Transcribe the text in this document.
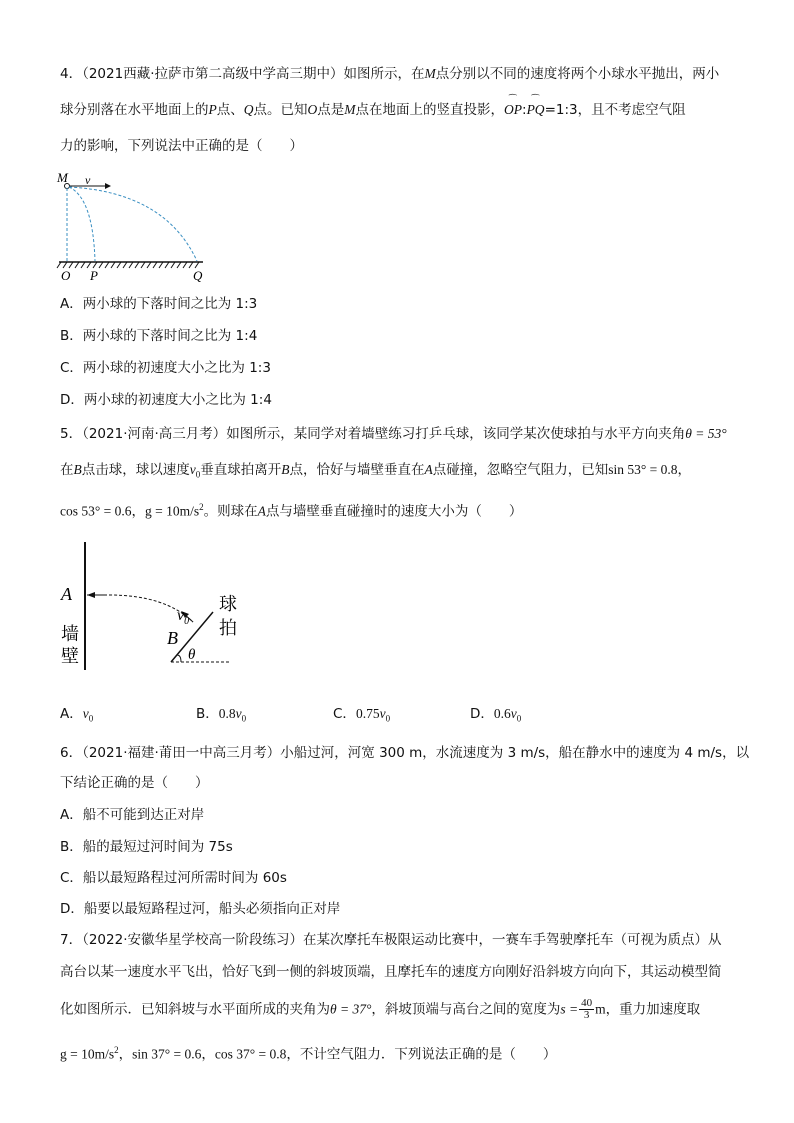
4．（2021西藏·拉萨市第二高级中学高三期中）如图所示，在M点分别以不同的速度将两个小球水平抛出，两小
球分别落在水平地面上的P点、Q点。已知O点是M点在地面上的竖直投影，‿ OP:‿ PQ=1:3，且不考虑空气阻
力的影响，下列说法中正确的是（　　）
M v
O P	Q
A．两小球的下落时间之比为 1:3
B．两小球的下落时间之比为 1:4
C．两小球的初速度大小之比为 1:3
D．两小球的初速度大小之比为 1:4
5．（2021·河南·高三月考）如图所示，某同学对着墙壁练习打乒乓球，该同学某次使球拍与水平方向夹角θ = 53°
在B点击球，球以速度$v_0$垂直球拍离开B点，恰好与墙壁垂直在A点碰撞，忽略空气阻力，已知sin 53° = 0.8，
cos 53° = 0.6，$g = 10m/s^2$。则球在A点与墙壁垂直碰撞时的速度大小为（　　）
A
$v_0$
B
θ
墙
壁
球
拍
A．$v_0$	B．$0.8v_0$	C．$0.75v_0$	D．$0.6v_0$
6．（2021·福建·莆田一中高三月考）小船过河，河宽 300 m，水流速度为 3 m/s，船在静水中的速度为 4 m/s，以
下结论正确的是（　　）
A．船不可能到达正对岸
B．船的最短过河时间为 75s
C．船以最短路程过河所需时间为 60s
D．船要以最短路程过河，船头必须指向正对岸
7．（2022·安徽华星学校高一阶段练习）在某次摩托车极限运动比赛中，一赛车手驾驶摩托车（可视为质点）从
高台以某一速度水平飞出，恰好飞到一侧的斜坡顶端，且摩托车的速度方向刚好沿斜坡方向向下，其运动模型简
化如图所示．已知斜坡与水平面所成的夹角为θ = 37°，斜坡顶端与高台之间的宽度为$s = \frac{40}{3}$ m，重力加速度取
$g = 10m/s^2$，sin 37° = 0.6，cos 37° = 0.8，不计空气阻力．下列说法正确的是（　　）
